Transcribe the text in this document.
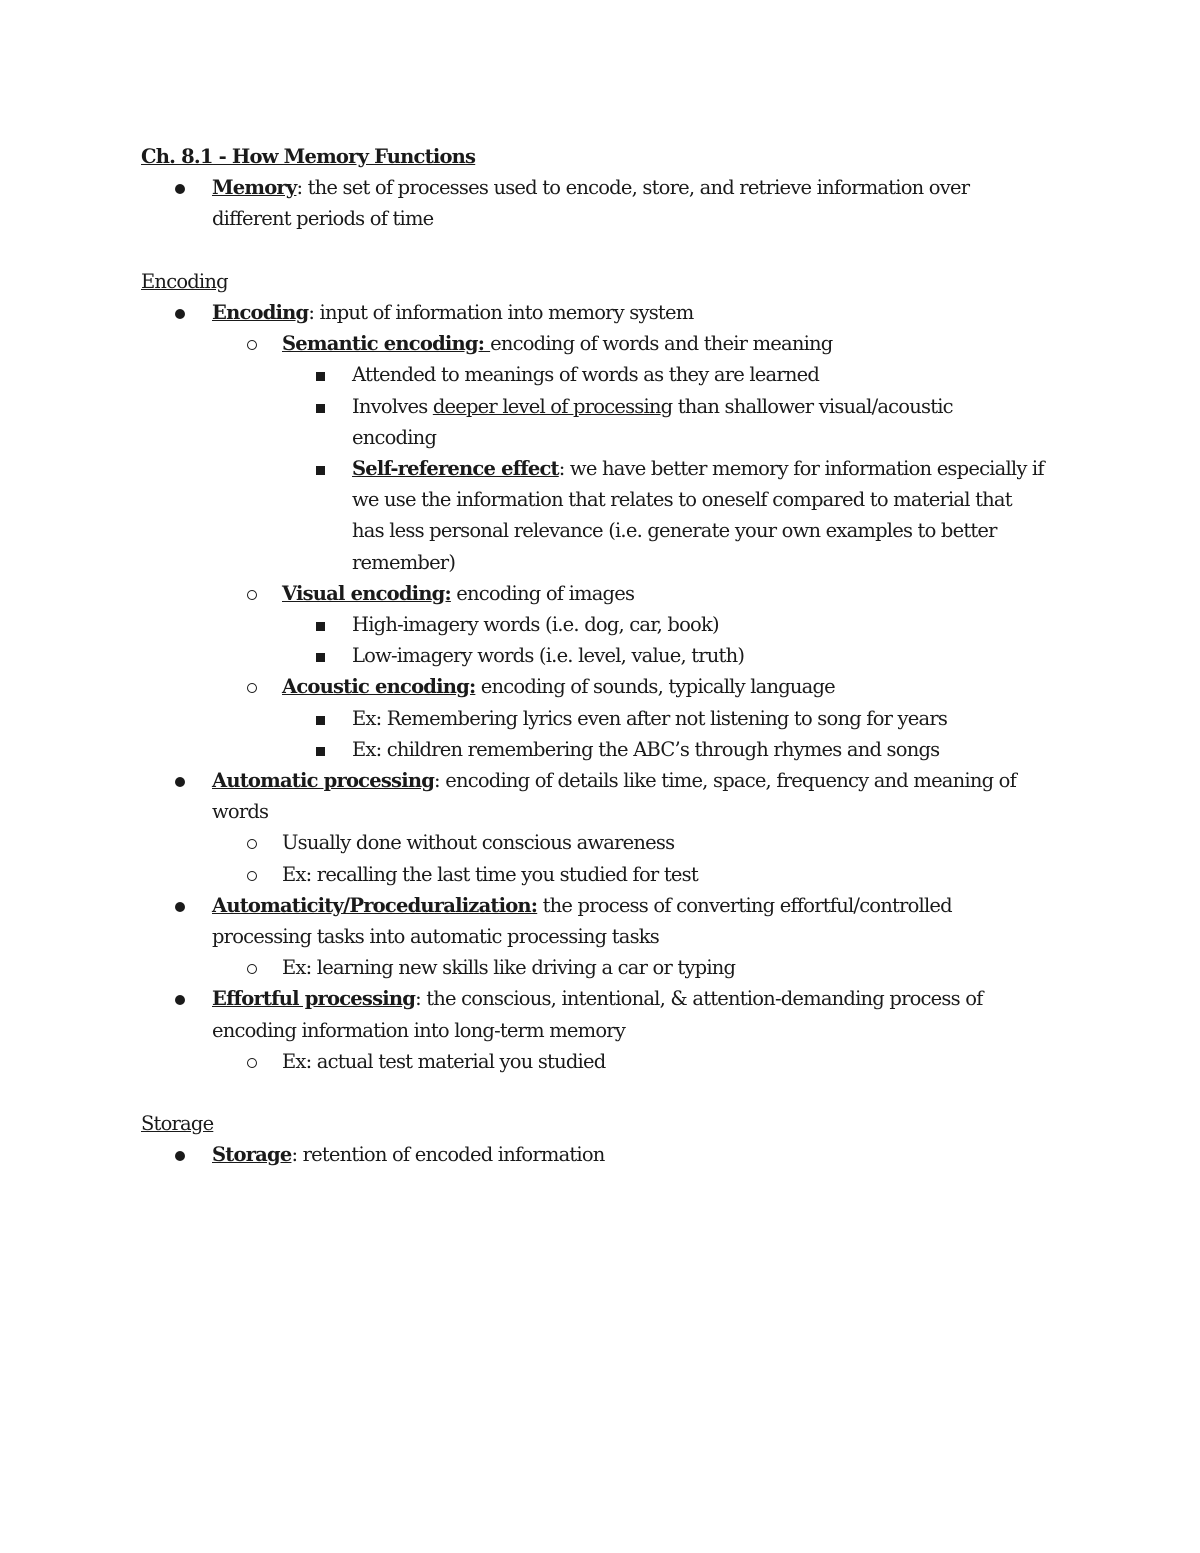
Ch. 8.1 - How Memory Functions
Memory: the set of processes used to encode, store, and retrieve information over
different periods of time
Encoding
Encoding: input of information into memory system
Semantic encoding: encoding of words and their meaning
Attended to meanings of words as they are learned
Involves deeper level of processing than shallower visual/acoustic
encoding
Self-reference effect: we have better memory for information especially if
we use the information that relates to oneself compared to material that
has less personal relevance (i.e. generate your own examples to better
remember)
Visual encoding: encoding of images
High-imagery words (i.e. dog, car, book)
Low-imagery words (i.e. level, value, truth)
Acoustic encoding: encoding of sounds, typically language
Ex: Remembering lyrics even after not listening to song for years
Ex: children remembering the ABC’s through rhymes and songs
Automatic processing: encoding of details like time, space, frequency and meaning of
words
Usually done without conscious awareness
Ex: recalling the last time you studied for test
Automaticity/Proceduralization: the process of converting effortful/controlled
processing tasks into automatic processing tasks
Ex: learning new skills like driving a car or typing
Effortful processing: the conscious, intentional, & attention-demanding process of
encoding information into long-term memory
Ex: actual test material you studied
Storage
Storage: retention of encoded information
